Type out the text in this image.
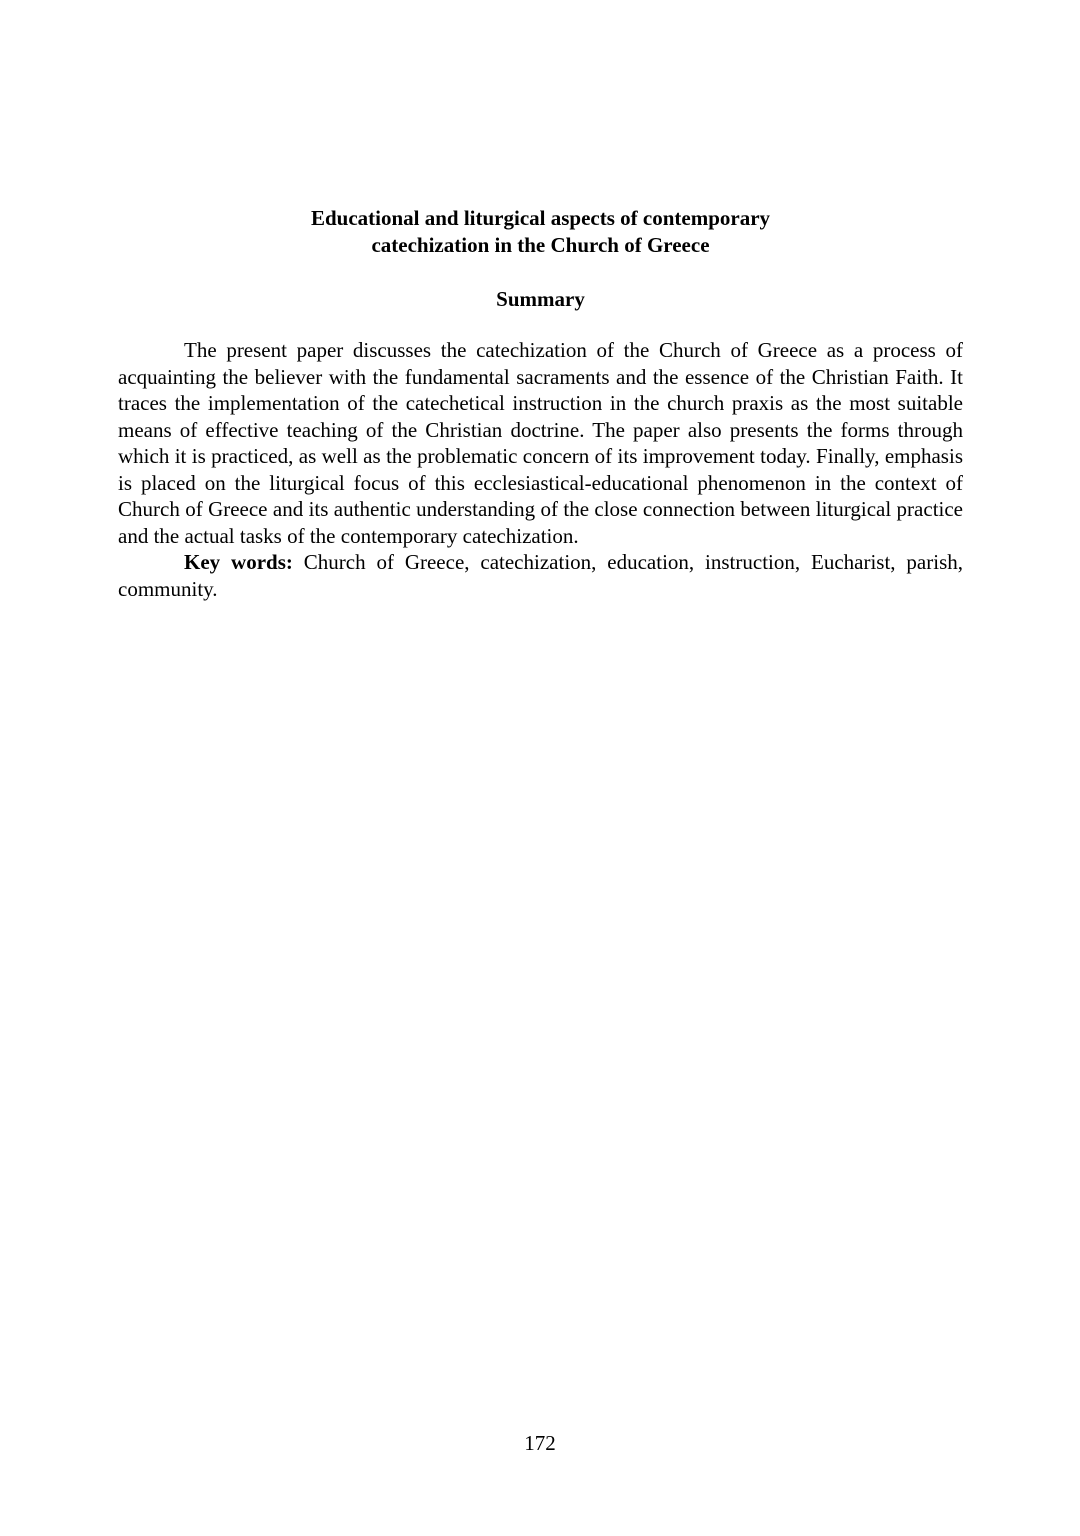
Educational and liturgical aspects of contemporary
catechization in the Church of Greece
Summary

The present paper discusses the catechization of the Church of Greece as a process of acquainting the believer with the fundamental sacraments and the essence of the Christian Faith. It traces the implementation of the catechetical instruction in the church praxis as the most suitable means of effective teaching of the Christian doctrine. The paper also presents the forms through which it is practiced, as well as the problematic concern of its improvement today. Finally, emphasis is placed on the liturgical focus of this ecclesiastical-educational phenomenon in the context of Church of Greece and its authentic understanding of the close connection between liturgical practice and the actual tasks of the contemporary catechization.

Key words: Church of Greece, catechization, education, instruction, Eucharist, parish, community.

172
